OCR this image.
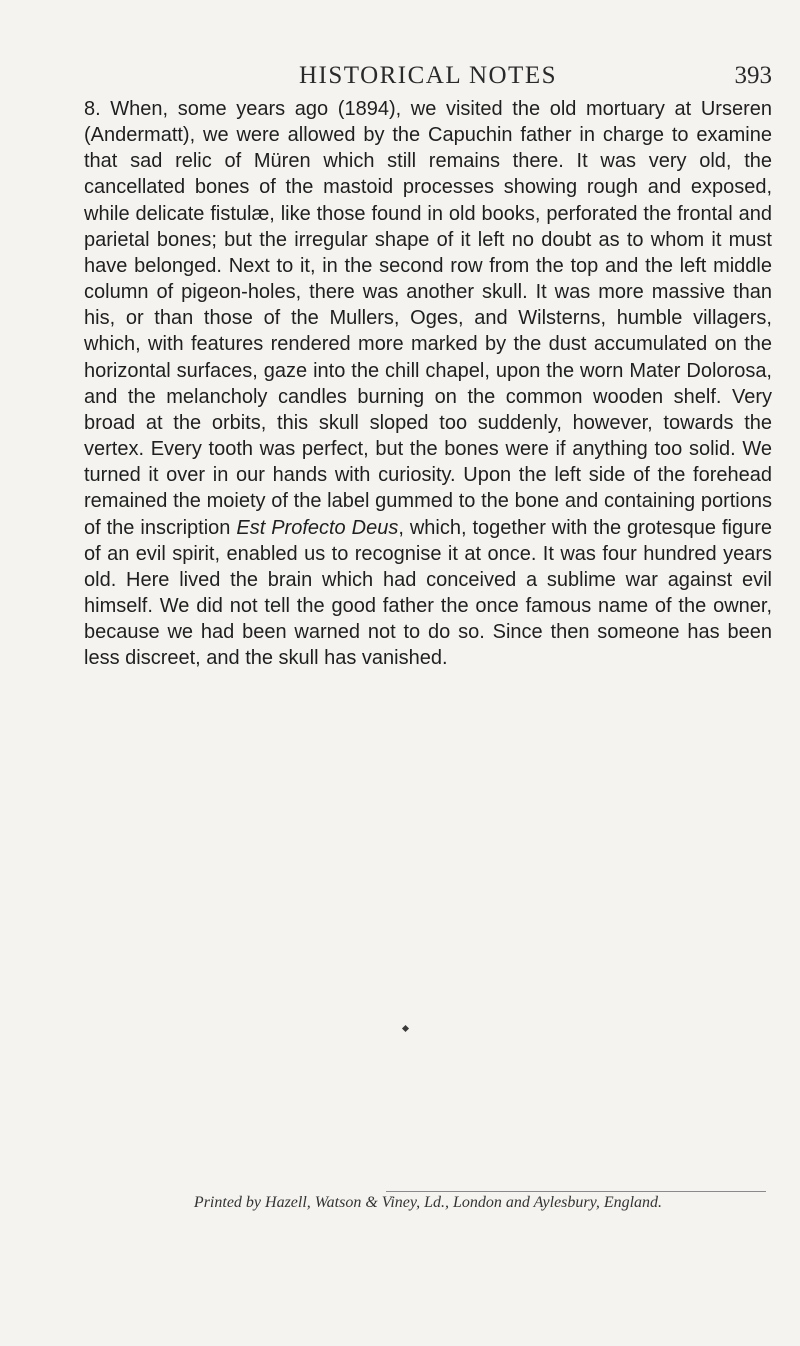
HISTORICAL NOTES	393

8. When, some years ago (1894), we visited the old mortuary at Urseren (Andermatt), we were allowed by the Capuchin father in charge to examine that sad relic of Müren which still remains there. It was very old, the cancellated bones of the mastoid processes showing rough and exposed, while delicate fistulæ, like those found in old books, perforated the frontal and parietal bones; but the irregular shape of it left no doubt as to whom it must have belonged. Next to it, in the second row from the top and the left middle column of pigeon-holes, there was another skull. It was more massive than his, or than those of the Mullers, Oges, and Wilsterns, humble villagers, which, with features rendered more marked by the dust accumulated on the horizontal surfaces, gaze into the chill chapel, upon the worn Mater Dolorosa, and the melancholy candles burning on the common wooden shelf. Very broad at the orbits, this skull sloped too suddenly, however, towards the vertex. Every tooth was perfect, but the bones were if anything too solid. We turned it over in our hands with curiosity. Upon the left side of the forehead remained the moiety of the label gummed to the bone and containing portions of the inscription Est Profecto Deus, which, together with the grotesque figure of an evil spirit, enabled us to recognise it at once. It was four hundred years old. Here lived the brain which had conceived a sublime war against evil himself. We did not tell the good father the once famous name of the owner, because we had been warned not to do so. Since then someone has been less discreet, and the skull has vanished.

Printed by Hazell, Watson & Viney, Ld., London and Aylesbury, England.
